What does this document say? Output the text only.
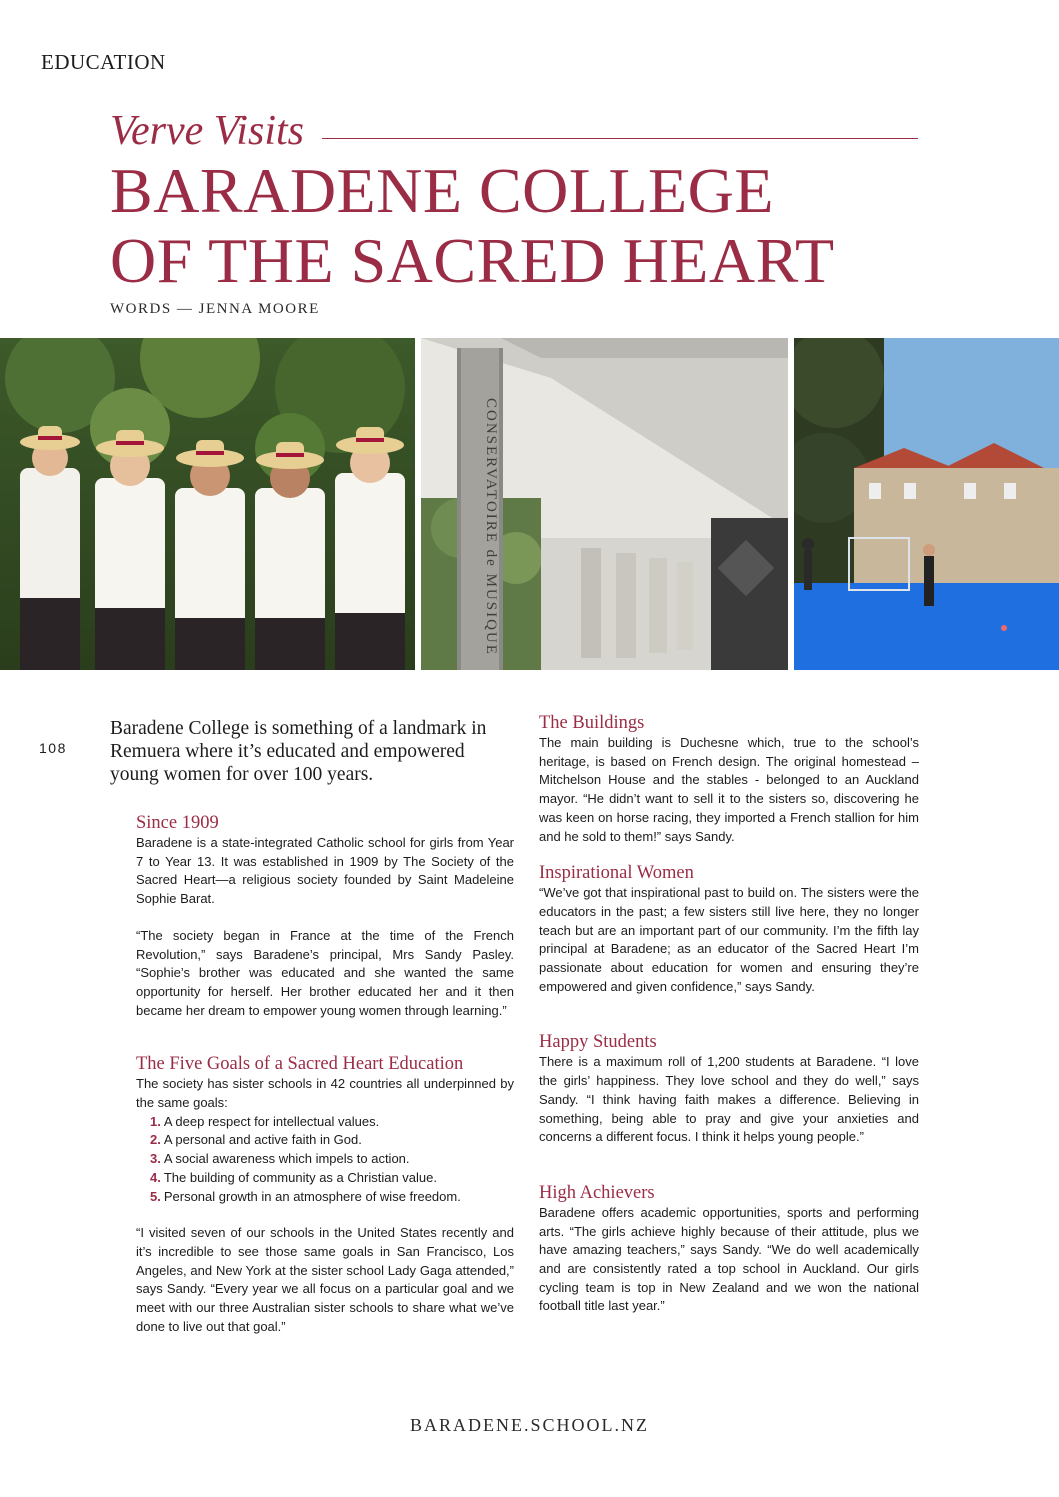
EDUCATION
Verve Visits
BARADENE COLLEGE
OF THE SACRED HEART
WORDS — JENNA MOORE
CONSERVATOIRE de MUSIQUE
108
Baradene College is something of a landmark in Remuera where it’s educated and empowered young women for over 100 years.
Since 1909

Baradene is a state-integrated Catholic school for girls from Year 7 to Year 13. It was established in 1909 by The Society of the Sacred Heart—a religious society founded by Saint Madeleine Sophie Barat.

“The society began in France at the time of the French Revolution,” says Baradene’s principal, Mrs Sandy Pasley. “Sophie’s brother was educated and she wanted the same opportunity for herself. Her brother educated her and it then became her dream to empower young women through learning.”

The Five Goals of a Sacred Heart Education

The society has sister schools in 42 countries all underpinned by the same goals:

1. A deep respect for intellectual values.
2. A personal and active faith in God.
3. A social awareness which impels to action.
4. The building of community as a Christian value.
5. Personal growth in an atmosphere of wise freedom.

“I visited seven of our schools in the United States recently and it’s incredible to see those same goals in San Francisco, Los Angeles, and New York at the sister school Lady Gaga attended,” says Sandy. “Every year we all focus on a particular goal and we meet with our three Australian sister schools to share what we’ve done to live out that goal.”

The Buildings

The main building is Duchesne which, true to the school’s heritage, is based on French design. The original homestead – Mitchelson House and the stables - belonged to an Auckland mayor. “He didn’t want to sell it to the sisters so, discovering he was keen on horse racing, they imported a French stallion for him and he sold to them!” says Sandy.

Inspirational Women

“We’ve got that inspirational past to build on. The sisters were the educators in the past; a few sisters still live here, they no longer teach but are an important part of our community. I’m the fifth lay principal at Baradene; as an educator of the Sacred Heart I’m passionate about education for women and ensuring they’re empowered and given confidence,” says Sandy.

Happy Students

There is a maximum roll of 1,200 students at Baradene. “I love the girls’ happiness. They love school and they do well,” says Sandy. “I think having faith makes a difference. Believing in something, being able to pray and give your anxieties and concerns a different focus. I think it helps young people.”

High Achievers

Baradene offers academic opportunities, sports and performing arts. “The girls achieve highly because of their attitude, plus we have amazing teachers,” says Sandy. “We do well academically and are consistently rated a top school in Auckland. Our girls cycling team is top in New Zealand and we won the national football title last year.”

BARADENE.SCHOOL.NZ
